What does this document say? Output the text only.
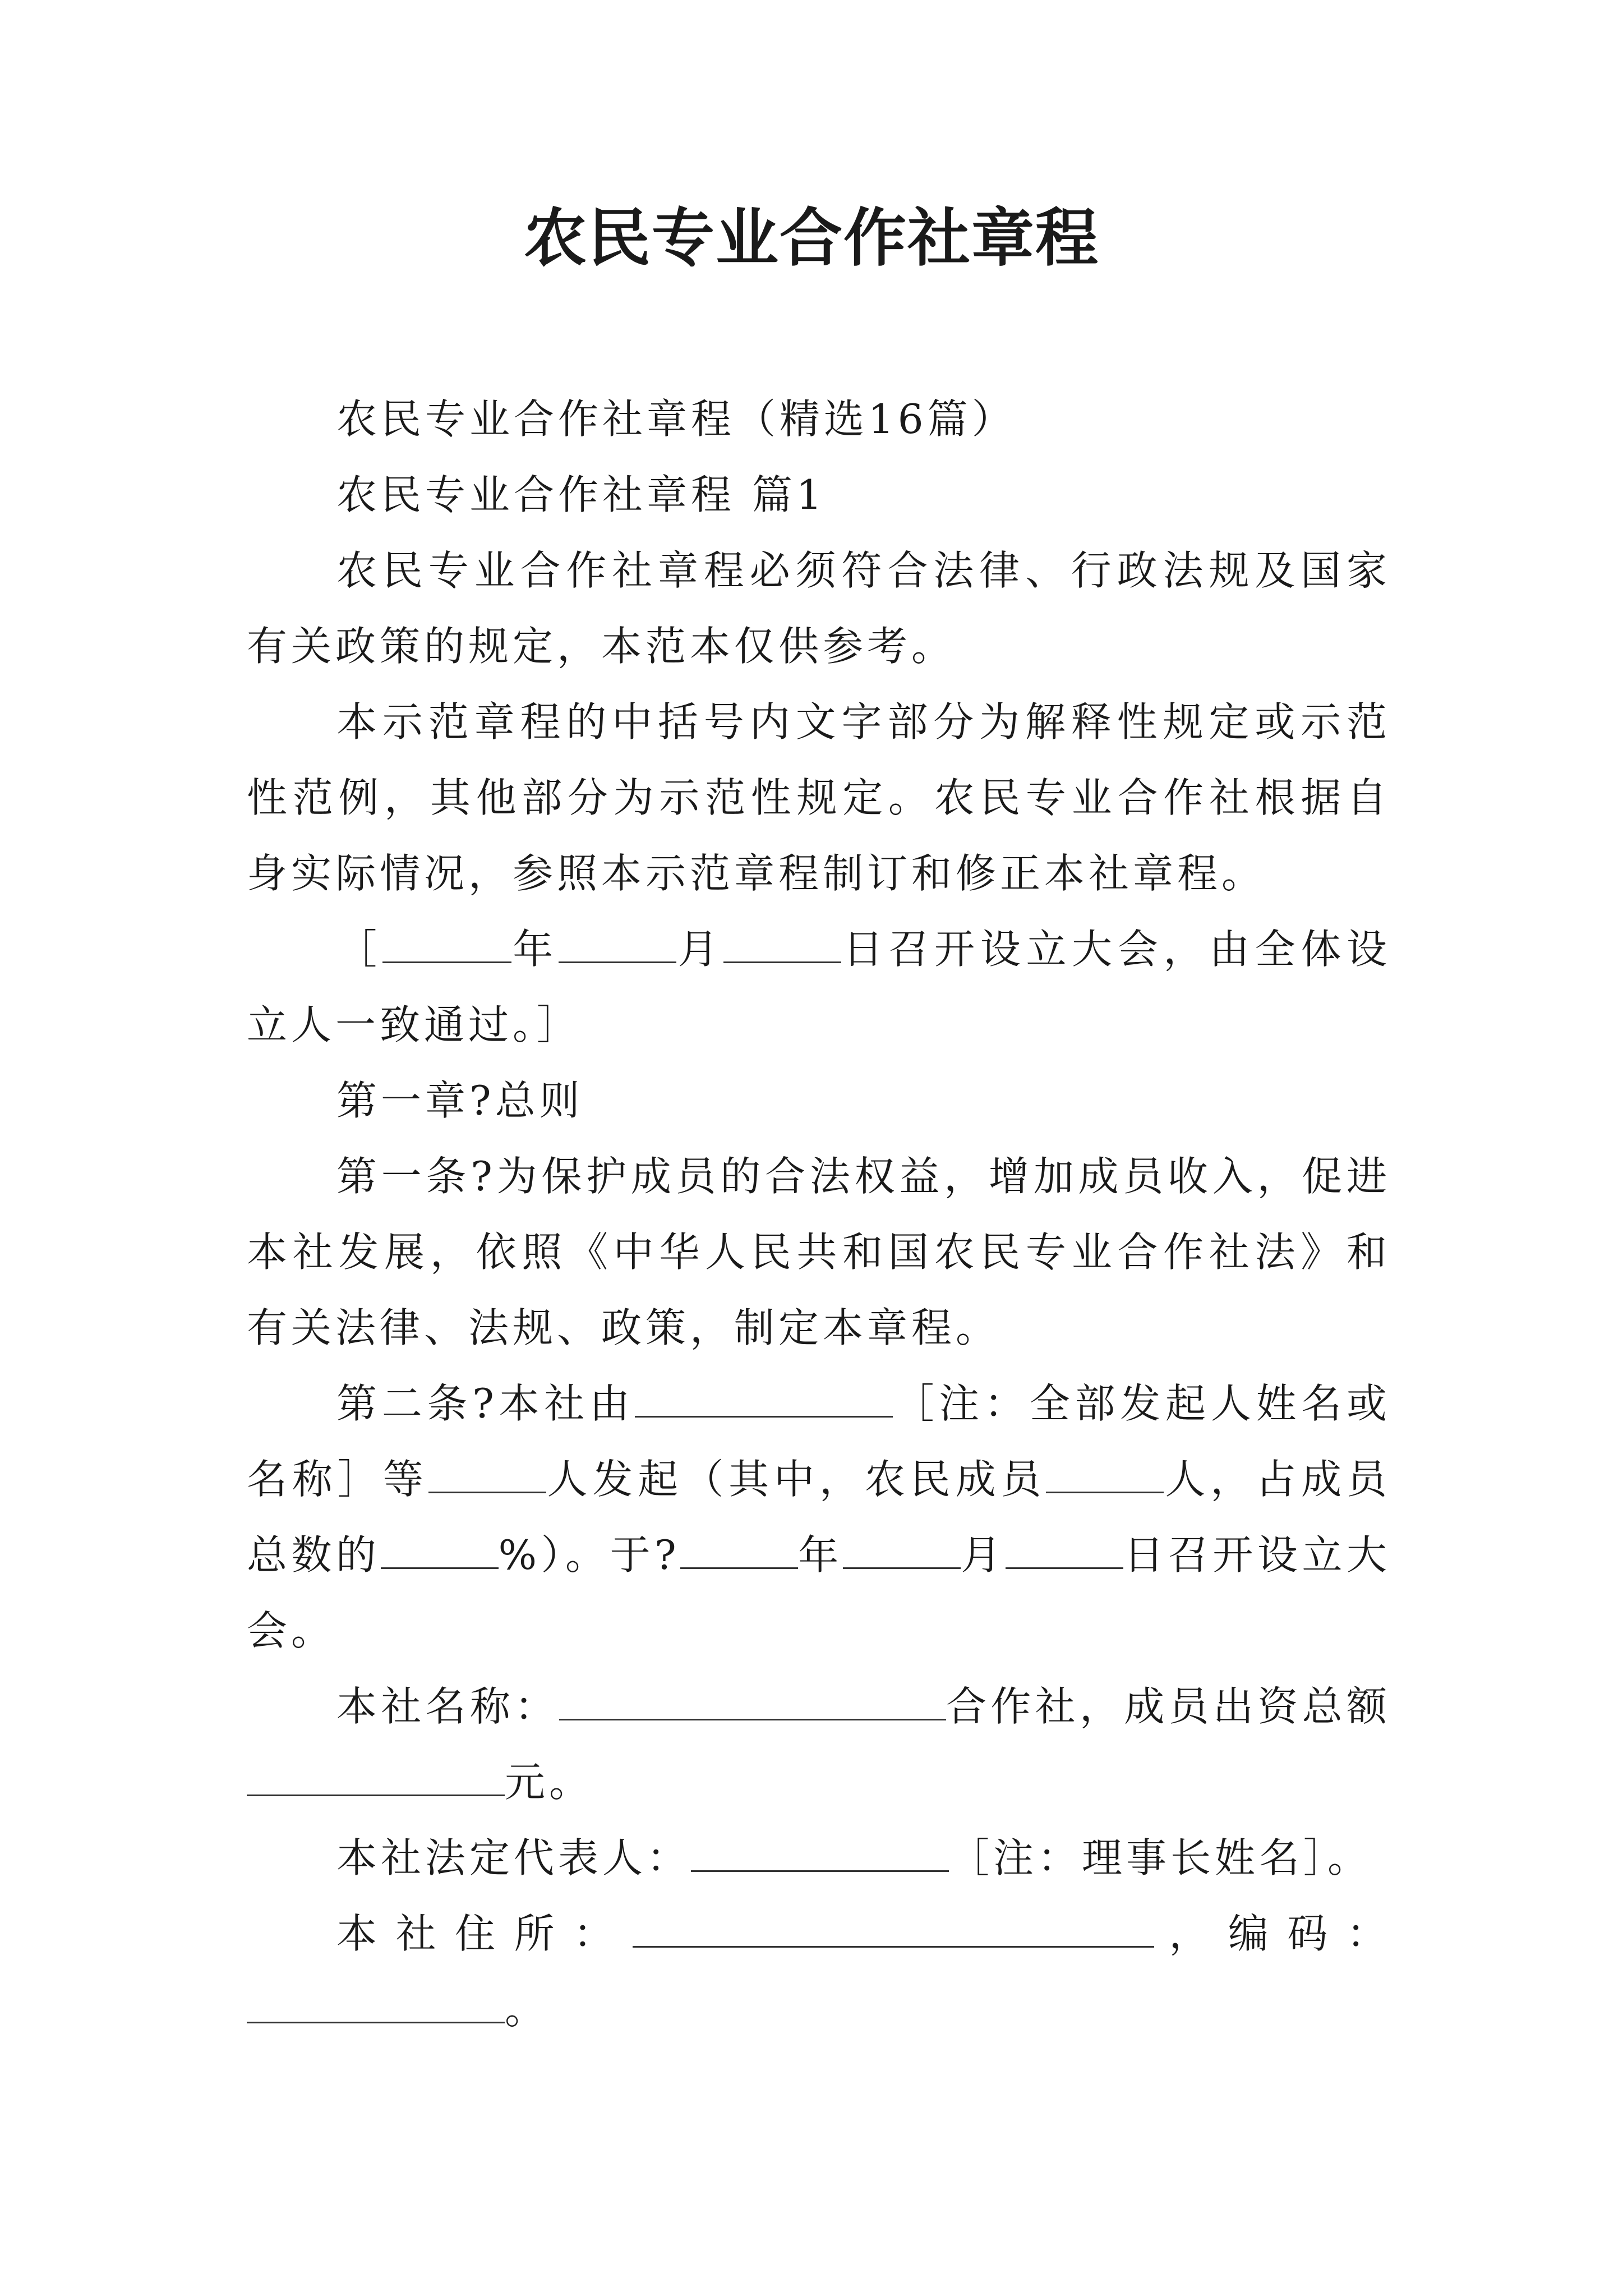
农民专业合作社章程

农民专业合作社章程（精选16篇）

农民专业合作社章程 篇1

农民专业合作社章程必须符合法律、行政法规及国家有关政策的规定，本范本仅供参考。

本示范章程的中括号内文字部分为解释性规定或示范性范例，其他部分为示范性规定。农民专业合作社根据自身实际情况，参照本示范章程制订和修正本社章程。

［	年	月	日召开设立大会，由全体设立人一致通过。］

第一章?总则

第一条?为保护成员的合法权益，增加成员收入，促进本社发展，依照《中华人民共和国农民专业合作社法》和有关法律、法规、政策，制定本章程。

第二条?本社由	［注：全部发起人姓名或名称］等	人发起（其中，农民成员	人，占成员总数的	%）。于?	年	月	日召开设立大会。

本社名称：	合作社，成员出资总额元。

本社法定代表人：	［注：理事长姓名］。

本社住所：	，编码：。
